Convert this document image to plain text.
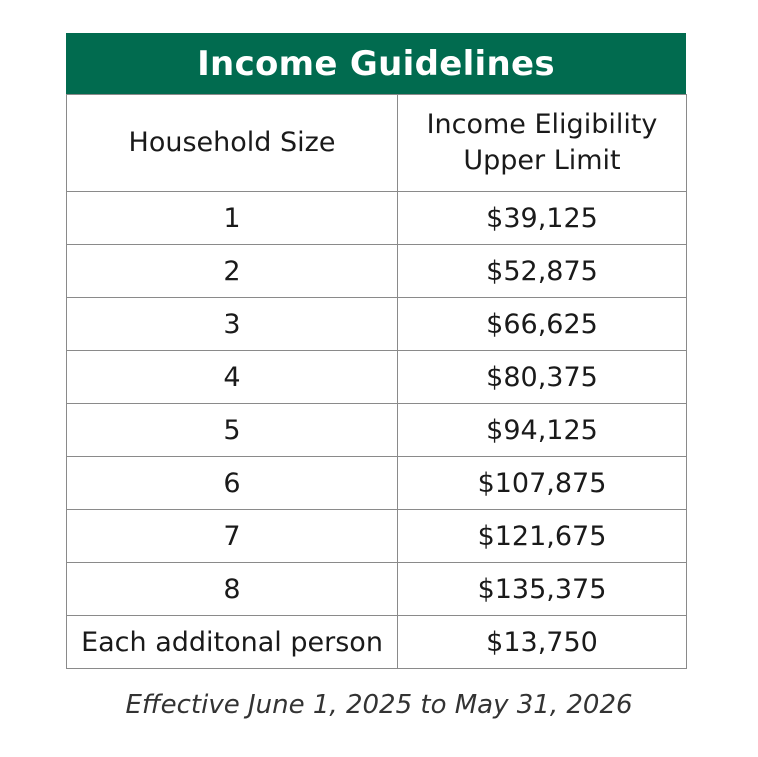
Income Guidelines
Household Size	Income Eligibility
Upper Limit

1	$39,125
2	$52,875
3	$66,625
4	$80,375
5	$94,125
6	$107,875
7	$121,675
8	$135,375
Each additonal person	$13,750
Effective June 1, 2025 to May 31, 2026
